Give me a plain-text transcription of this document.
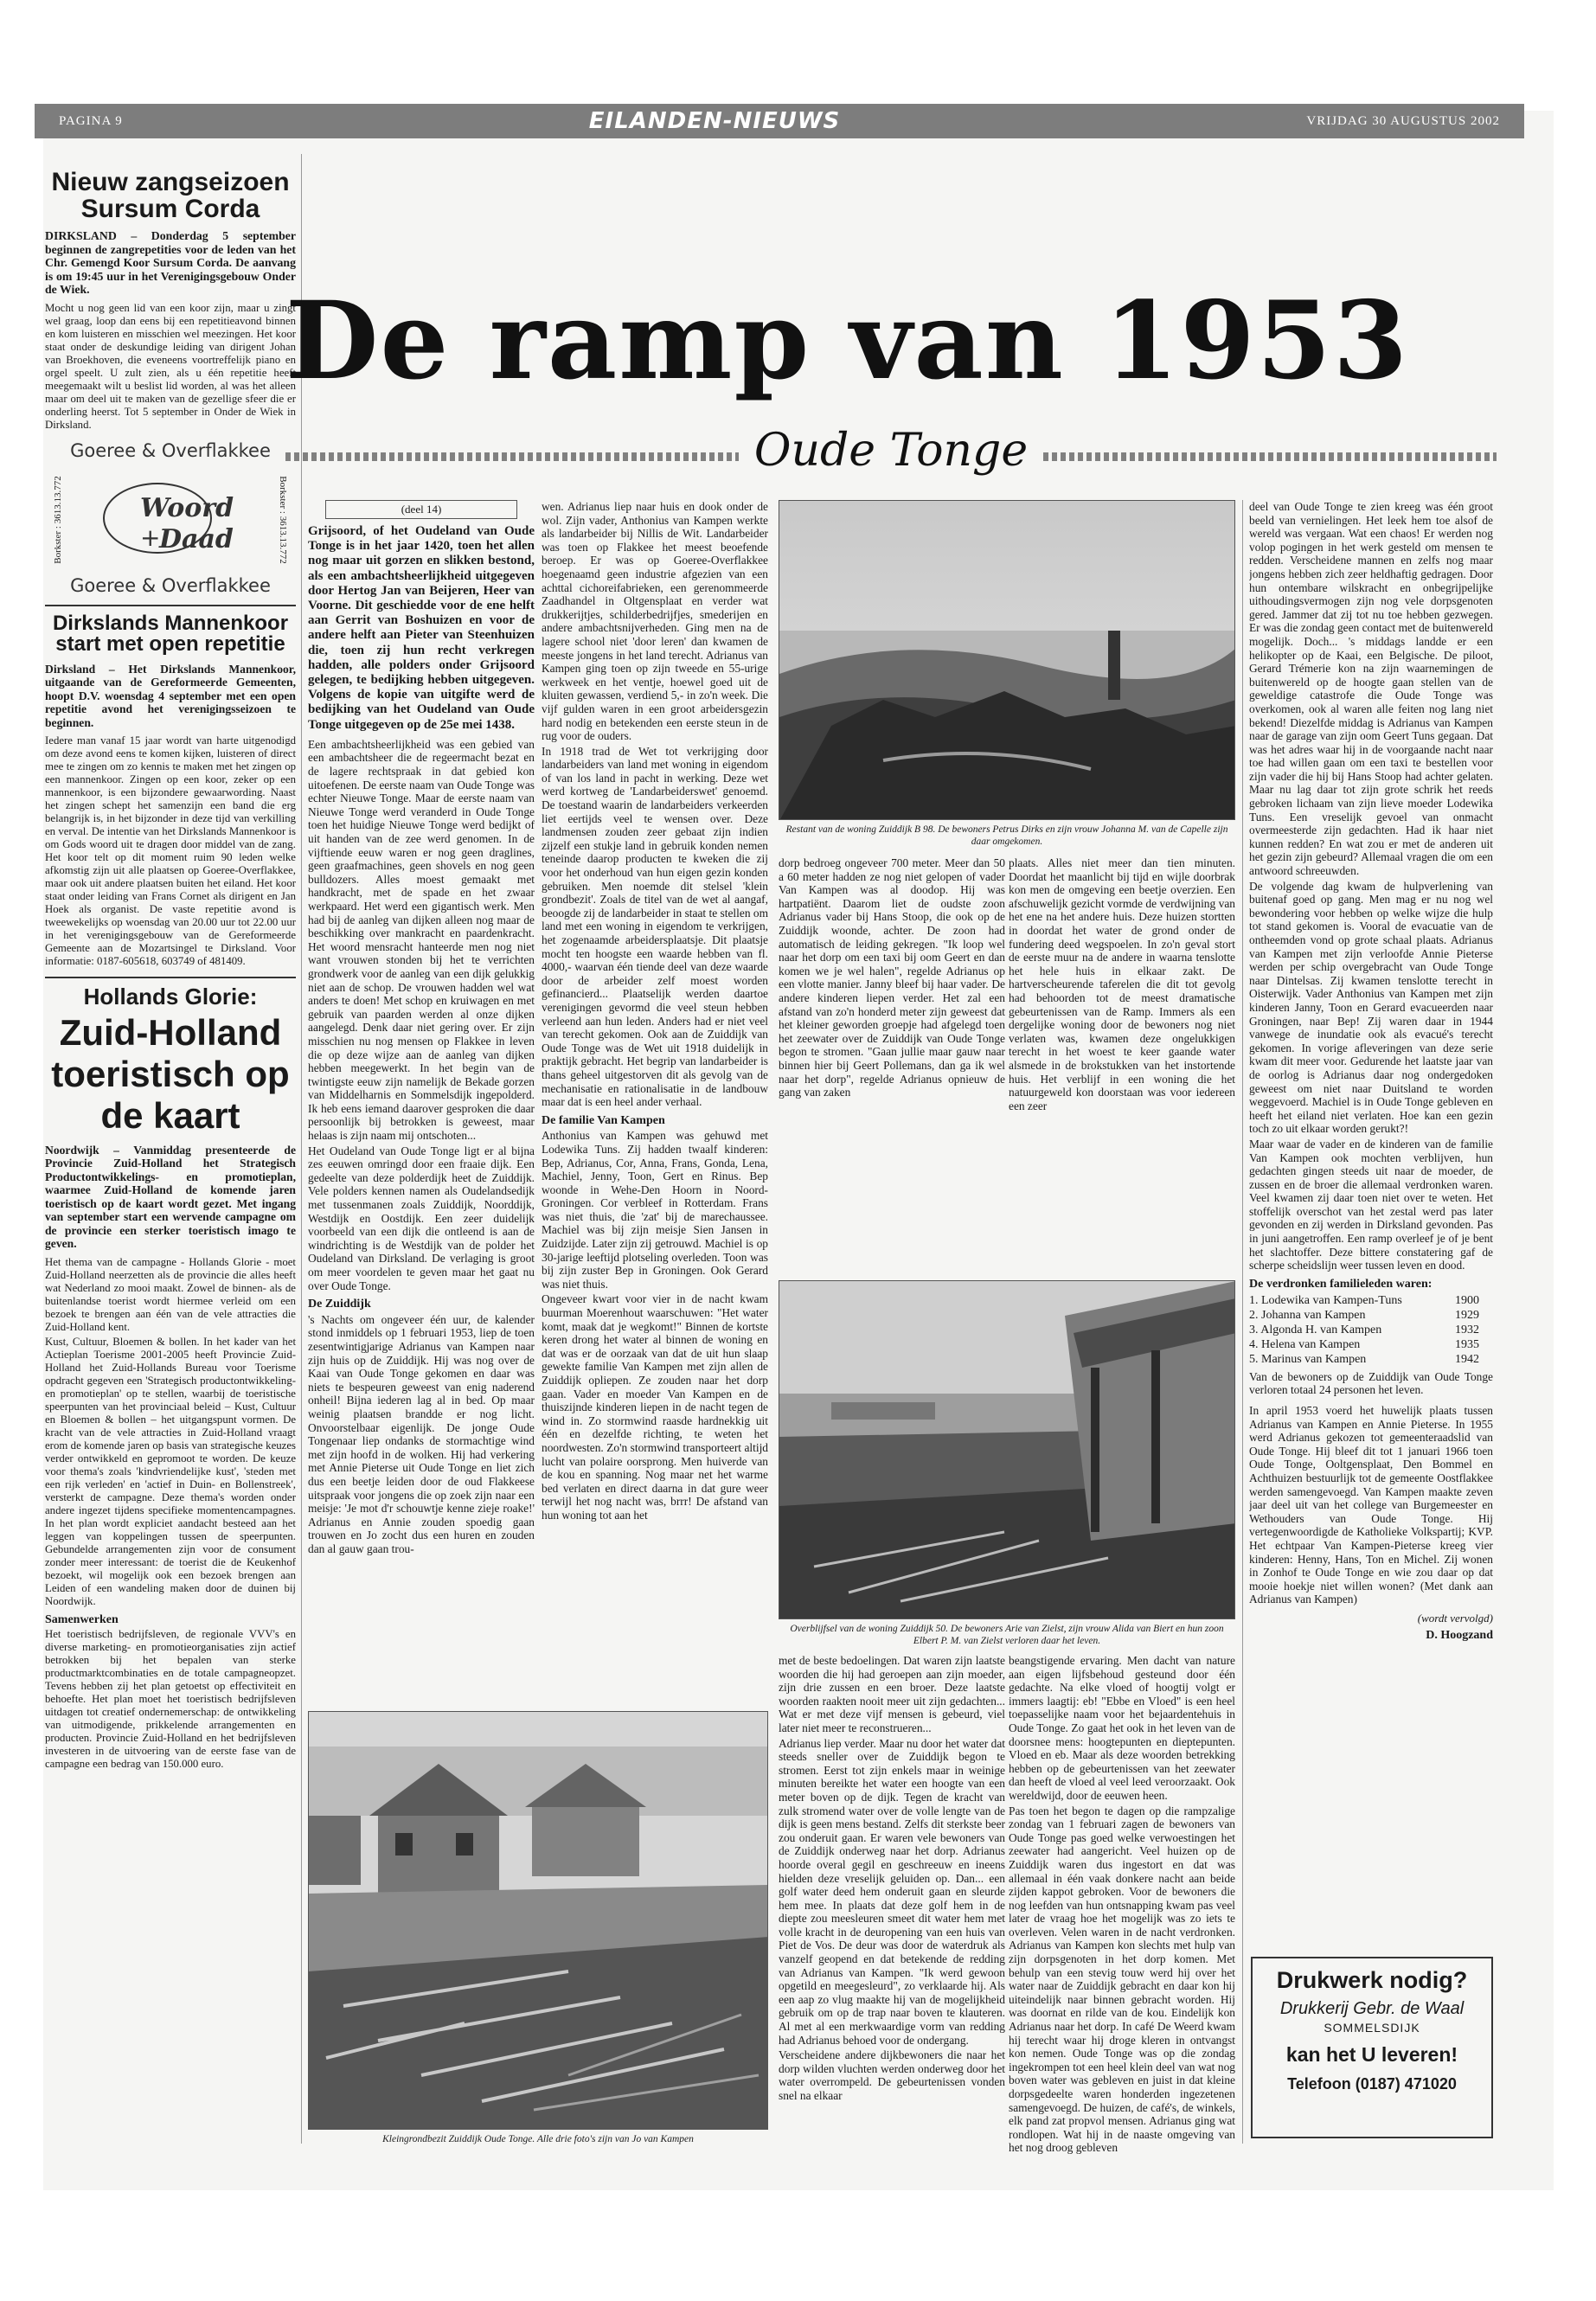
PAGINA 9	EILANDEN-NIEUWS	VRIJDAG 30 AUGUSTUS 2002
Nieuw zangseizoen Sursum Corda
DIRKSLAND – Donderdag 5 september beginnen de zangrepetities voor de leden van het Chr. Gemengd Koor Sursum Corda. De aanvang is om 19:45 uur in het Verenigingsgebouw Onder de Wiek.
Mocht u nog geen lid van een koor zijn, maar u zingt wel graag, loop dan eens bij een repetitieavond binnen en kom luisteren en misschien wel meezingen. Het koor staat onder de deskundige leiding van dirigent Johan van Broekhoven, die eveneens voortreffelijk piano en orgel speelt. U zult zien, als u één repetitie heeft meegemaakt wilt u beslist lid worden, al was het alleen maar om deel uit te maken van de gezellige sfeer die er onderling heerst. Tot 5 september in Onder de Wiek in Dirksland.
Goeree & Overflakkee
Woord
Daad
+
Borkster : 3613.13.772	Borkster : 3613.13.772
Goeree & Overflakkee
Dirkslands Mannenkoor start met open repetitie
Dirksland – Het Dirkslands Mannenkoor, uitgaande van de Gereformeerde Gemeenten, hoopt D.V. woensdag 4 september met een open repetitie avond het verenigingsseizoen te beginnen.
Iedere man vanaf 15 jaar wordt van harte uitgenodigd om deze avond eens te komen kijken, luisteren of direct mee te zingen om zo kennis te maken met het zingen op een mannenkoor. Zingen op een koor, zeker op een mannenkoor, is een bijzondere gewaarwording. Naast het zingen schept het samenzijn een band die erg belangrijk is, in het bijzonder in deze tijd van verkilling en verval. De intentie van het Dirkslands Mannenkoor is om Gods woord uit te dragen door middel van de zang. Het koor telt op dit moment ruim 90 leden welke afkomstig zijn uit alle plaatsen op Goeree-Overflakkee, maar ook uit andere plaatsen buiten het eiland. Het koor staat onder leiding van Frans Cornet als dirigent en Jan Hoek als organist. De vaste repetitie avond is tweewekelijks op woensdag van 20.00 uur tot 22.00 uur in het verenigingsgebouw van de Gereformeerde Gemeente aan de Mozartsingel te Dirksland. Voor informatie: 0187-605618, 603749 of 481409.
Hollands Glorie:
Zuid-Holland toeristisch op de kaart
Noordwijk – Vanmiddag presenteerde de Provincie Zuid-Holland het Strategisch Productontwikkelings- en promotieplan, waarmee Zuid-Holland de komende jaren toeristisch op de kaart wordt gezet. Met ingang van september start een wervende campagne om de provincie een sterker toeristisch imago te geven.

Het thema van de campagne - Hollands Glorie - moet Zuid-Holland neerzetten als de provincie die alles heeft wat Nederland zo mooi maakt. Zowel de binnen- als de buitenlandse toerist wordt hiermee verleid om een bezoek te brengen aan één van de vele attracties die Zuid-Holland kent.

Kust, Cultuur, Bloemen & bollen. In het kader van het Actieplan Toerisme 2001-2005 heeft Provincie Zuid-Holland het Zuid-Hollands Bureau voor Toerisme opdracht gegeven een 'Strategisch productontwikkeling- en promotieplan' op te stellen, waarbij de toeristische speerpunten van het provinciaal beleid – Kust, Cultuur en Bloemen & bollen – het uitgangspunt vormen. De kracht van de vele attracties in Zuid-Holland vraagt erom de komende jaren op basis van strategische keuzes verder ontwikkeld en gepromoot te worden. De keuze voor thema's zoals 'kindvriendelijke kust', 'steden met een rijk verleden' en 'actief in Duin- en Bollenstreek', versterkt de campagne. Deze thema's worden onder andere ingezet tijdens specifieke momentencampagnes. In het plan wordt expliciet aandacht besteed aan het leggen van koppelingen tussen de speerpunten. Gebundelde arrangementen zijn voor de consument zonder meer interessant: de toerist die de Keukenhof bezoekt, wil mogelijk ook een bezoek brengen aan Leiden of een wandeling maken door de duinen bij Noordwijk.

Samenwerken

Het toeristisch bedrijfsleven, de regionale VVV's en diverse marketing- en promotieorganisaties zijn actief betrokken bij het bepalen van sterke productmarktcombinaties en de totale campagneopzet. Tevens hebben zij het plan getoetst op effectiviteit en behoefte. Het plan moet het toeristisch bedrijfsleven uitdagen tot creatief ondernemerschap: de ontwikkeling van uitmodigende, prikkelende arrangementen en producten. Provincie Zuid-Holland en het bedrijfsleven investeren in de uitvoering van de eerste fase van de campagne een bedrag van 150.000 euro.

De ramp van 1953
Oude Tonge
(deel 14)
Grijsoord, of het Oudeland van Oude Tonge is in het jaar 1420, toen het allen nog maar uit gorzen en slikken bestond, als een ambachtsheerlijkheid uitgegeven door Hertog Jan van Beijeren, Heer van Voorne. Dit geschiedde voor de ene helft aan Gerrit van Boshuizen en voor de andere helft aan Pieter van Steenhuizen die, toen zij hun recht verkregen hadden, alle polders onder Grijsoord gelegen, te bedijking hebben uitgegeven. Volgens de kopie van uitgifte werd de bedijking van het Oudeland van Oude Tonge uitgegeven op de 25e mei 1438.

Een ambachtsheerlijkheid was een gebied van een ambachtsheer die de regeermacht bezat en de lagere rechtspraak in dat gebied kon uitoefenen. De eerste naam van Oude Tonge was echter Nieuwe Tonge. Maar de eerste naam van Nieuwe Tonge werd veranderd in Oude Tonge toen het huidige Nieuwe Tonge werd bedijkt of uit handen van de zee werd genomen. In de vijftiende eeuw waren er nog geen draglines, geen graafmachines, geen shovels en nog geen bulldozers. Alles moest gemaakt met handkracht, met de spade en het zwaar werkpaard. Het werd een gigantisch werk. Men had bij de aanleg van dijken alleen nog maar de beschikking over mankracht en paardenkracht. Het woord mensracht hanteerde men nog niet want vrouwen stonden bij het te verrichten grondwerk voor de aanleg van een dijk gelukkig niet aan de schop. De vrouwen hadden wel wat anders te doen! Met schop en kruiwagen en met gebruik van paarden werden al onze dijken aangelegd. Denk daar niet gering over. Er zijn misschien nu nog mensen op Flakkee in leven die op deze wijze aan de aanleg van dijken hebben meegewerkt. In het begin van de twintigste eeuw zijn namelijk de Bekade gorzen van Middelharnis en Sommelsdijk ingepolderd. Ik heb eens iemand daarover gesproken die daar persoonlijk bij betrokken is geweest, maar helaas is zijn naam mij ontschoten...

Het Oudeland van Oude Tonge ligt er al bijna zes eeuwen omringd door een fraaie dijk. Een gedeelte van deze polderdijk heet de Zuiddijk. Vele polders kennen namen als Oudelandsedijk met tussenmanen zoals Zuiddijk, Noorddijk, Westdijk en Oostdijk. Een zeer duidelijk voorbeeld van een dijk die ontleend is aan de windrichting is de Westdijk van de polder het Oudeland van Dirksland. De verlaging is groot om meer voordelen te geven maar het gaat nu over Oude Tonge.

De Zuiddijk

's Nachts om ongeveer één uur, de kalender stond inmiddels op 1 februari 1953, liep de toen zesentwintigjarige Adrianus van Kampen naar zijn huis op de Zuiddijk. Hij was nog over de Kaai van Oude Tonge gekomen en daar was niets te bespeuren geweest van enig naderend onheil! Bijna iederen lag al in bed. Op maar weinig plaatsen brandde er nog licht. Onvoorstelbaar eigenlijk. De jonge Oude Tongenaar liep ondanks de stormachtige wind met zijn hoofd in de wolken. Hij had verkering met Annie Pieterse uit Oude Tonge en liet zich dus een beetje leiden door de oud Flakkeese uitspraak voor jongens die op zoek zijn naar een meisje: 'Je mot d'r schouwtje kenne zieje roake!' Adrianus en Annie zouden spoedig gaan trouwen en Jo zocht dus een huren en zouden dan al gauw gaan trou-

wen. Adrianus liep naar huis en dook onder de wol. Zijn vader, Anthonius van Kampen werkte als landarbeider bij Nillis de Wit. Landarbeider was toen op Flakkee het meest beoefende beroep. Er was op Goeree-Overflakkee hoegenaamd geen industrie afgezien van een achttal cichoreifabrieken, een gerenommeerde Zaadhandel in Oltgensplaat en verder wat drukkerijtjes, schilderbedrijfjes, smederijen en andere ambachtsnijverheden. Ging men na de lagere school niet 'door leren' dan kwamen de meeste jongens in het land terecht. Adrianus van Kampen ging toen op zijn tweede en 55-urige werkweek en het ventje, hoewel goed uit de kluiten gewassen, verdiend 5,- in zo'n week. Die vijf gulden waren in een groot arbeidersgezin hard nodig en betekenden een eerste steun in de rug voor de ouders.

In 1918 trad de Wet tot verkrijging door landarbeiders van land met woning in eigendom of van los land in pacht in werking. Deze wet werd kortweg de 'Landarbeiderswet' genoemd. De toestand waarin de landarbeiders verkeerden liet eertijds veel te wensen over. Deze landmensen zouden zeer gebaat zijn indien zijzelf een stukje land in gebruik konden nemen teneinde daarop producten te kweken die zij voor het onderhoud van hun eigen gezin konden gebruiken. Men noemde dit stelsel 'klein grondbezit'. Zoals de titel van de wet al aangaf, beoogde zij de landarbeider in staat te stellen om land met een woning in eigendom te verkrijgen, het zogenaamde arbeidersplaatsje. Dit plaatsje mocht ten hoogste een waarde hebben van fl. 4000,- waarvan één tiende deel van deze waarde door de arbeider zelf moest worden gefinancierd... Plaatselijk werden daartoe verenigingen gevormd die veel steun hebben verleend aan hun leden. Anders had er niet veel van terecht gekomen. Ook aan de Zuiddijk van Oude Tonge was de Wet uit 1918 duidelijk in praktijk gebracht. Het begrip van landarbeider is thans geheel uitgestorven dit als gevolg van de mechanisatie en rationalisatie in de landbouw maar dat is een heel ander verhaal.

De familie Van Kampen

Anthonius van Kampen was gehuwd met Lodewika Tuns. Zij hadden twaalf kinderen: Bep, Adrianus, Cor, Anna, Frans, Gonda, Lena, Machiel, Jenny, Toon, Gert en Rinus. Bep woonde in Wehe-Den Hoorn in Noord-Groningen. Cor verbleef in Rotterdam. Frans was niet thuis, die 'zat' bij de marechaussee. Machiel was bij zijn meisje Sien Jansen in Zuidzijde. Later zijn zij getrouwd. Machiel is op 30-jarige leeftijd plotseling overleden. Toon was bij zijn zuster Bep in Groningen. Ook Gerard was niet thuis.

Ongeveer kwart voor vier in de nacht kwam buurman Moerenhout waarschuwen: "Het water komt, maak dat je wegkomt!" Binnen de kortste keren drong het water al binnen de woning en dat was er de oorzaak van dat de uit hun slaap gewekte familie Van Kampen met zijn allen de Zuiddijk opliepen. Ze zouden naar het dorp gaan. Vader en moeder Van Kampen en de thuiszijnde kinderen liepen in de nacht tegen de wind in. Zo stormwind raasde hardnekkig uit één en dezelfde richting, te weten het noordwesten. Zo'n stormwind transporteert altijd lucht van polaire oorsprong. Men huiverde van de kou en spanning. Nog maar net het warme bed verlaten en direct daarna in dat gure weer terwijl het nog nacht was, brrr! De afstand van hun woning tot aan het

Restant van de woning Zuiddijk B 98. De bewoners Petrus Dirks en zijn vrouw Johanna M. van de Capelle zijn daar omgekomen.

dorp bedroeg ongeveer 700 meter. Meer dan 50 a 60 meter hadden ze nog niet gelopen of vader Van Kampen was al doodop. Hij was hartpatiënt. Daarom liet de oudste zoon Adrianus vader bij Hans Stoop, die ook op de Zuiddijk woonde, achter. De zoon had automatisch de leiding gekregen. "Ik loop wel naar het dorp om een taxi bij oom Geert en dan komen we je wel halen", regelde Adrianus op een vlotte manier. Janny bleef bij haar vader. De andere kinderen liepen verder. Het zal een afstand van zo'n honderd meter zijn geweest dat het kleiner geworden groepje had afgelegd toen het zeewater over de Zuiddijk van Oude Tonge begon te stromen. "Gaan jullie maar gauw naar binnen hier bij Geert Pollemans, dan ga ik wel naar het dorp", regelde Adrianus opnieuw de gang van zaken

plaats. Alles niet meer dan tien minuten. Doordat het maanlicht bij tijd en wijle doorbrak kon men de omgeving een beetje overzien. Een afschuwelijk gezicht vormde de verdwijning van het ene na het andere huis. Deze huizen stortten in doordat het water de grond onder de fundering deed wegspoelen. In zo'n geval stort de eerste muur na de andere in waarna tenslotte het hele huis in elkaar zakt. De hartverscheurende taferelen die dit tot gevolg had behoorden tot de meest dramatische gebeurtenissen van de Ramp. Immers als een dergelijke woning door de bewoners nog niet verlaten was, kwamen deze ongelukkigen terecht in het woest te keer gaande water alsmede in de brokstukken van het instortende huis. Het verblijf in een woning die het natuurgeweld kon doorstaan was voor iedereen een zeer

Overblijfsel van de woning Zuiddijk 50. De bewoners Arie van Zielst, zijn vrouw Alida van Biert en hun zoon Elbert P. M. van Zielst verloren daar het leven.

met de beste bedoelingen. Dat waren zijn laatste woorden die hij had geroepen aan zijn moeder, zijn drie zussen en een broer. Deze laatste woorden raakten nooit meer uit zijn gedachten... Wat er met deze vijf mensen is gebeurd, viel later niet meer te reconstrueren...

Adrianus liep verder. Maar nu door het water dat steeds sneller over de Zuiddijk begon te stromen. Eerst tot zijn enkels maar in weinige minuten bereikte het water een hoogte van een meter boven op de dijk. Tegen de kracht van zulk stromend water over de volle lengte van de dijk is geen mens bestand. Zelfs dit sterkste beer zou onderuit gaan. Er waren vele bewoners van de Zuiddijk onderweg naar het dorp. Adrianus hoorde overal gegil en geschreeuw en ineens hielden deze vreselijk geluiden op. Dan... een golf water deed hem onderuit gaan en sleurde hem mee. In plaats dat deze golf hem in de diepte zou meesleuren smeet dit water hem met volle kracht in de deuropening van een huis van Piet de Vos. De deur was door de waterdruk als vanzelf geopend en dat betekende de redding van Adrianus van Kampen. "Ik werd gewoon opgetild en meegesleurd", zo verklaarde hij. Als een aap zo vlug maakte hij van de mogelijkheid gebruik om op de trap naar boven te klauteren. Al met al een merkwaardige vorm van redding had Adrianus behoed voor de ondergang.

Verscheidene andere dijkbewoners die naar het dorp wilden vluchten werden onderweg door het water overrompeld. De gebeurtenissen vonden snel na elkaar

beangstigende ervaring. Men dacht van nature aan eigen lijfsbehoud gesteund door één gedachte. Na elke vloed of hoogtij volgt er immers laagtij: eb! "Ebbe en Vloed" is een heel toepasselijke naam voor het bejaardentehuis in Oude Tonge. Zo gaat het ook in het leven van de doorsnee mens: hoogtepunten en dieptepunten. Vloed en eb. Maar als deze woorden betrekking hebben op de gebeurtenissen van het zeewater dan heeft de vloed al veel leed veroorzaakt. Ook wereldwijd, door de eeuwen heen.

Pas toen het begon te dagen op die rampzalige zondag van 1 februari zagen de bewoners van Oude Tonge pas goed welke verwoestingen het zeewater had aangericht. Veel huizen op de Zuiddijk waren dus ingestort en dat was allemaal in één vaak donkere nacht aan beide zijden kappot gebroken. Voor de bewoners die nog leefden van hun ontsnapping kwam pas veel later de vraag hoe het mogelijk was zo iets te overleven. Velen waren in de nacht verdronken. Adrianus van Kampen kon slechts met hulp van zijn dorpsgenoten in het dorp komen. Met behulp van een stevig touw werd hij over het water naar de Zuiddijk gebracht en daar kon hij uiteindelijk naar binnen gebracht worden. Hij was doornat en rilde van de kou. Eindelijk kon Adrianus naar het dorp. In café De Weerd kwam hij terecht waar hij droge kleren in ontvangst kon nemen. Oude Tonge was op die zondag ingekrompen tot een heel klein deel van wat nog boven water was gebleven en juist in dat kleine dorpsgedeelte waren honderden ingezetenen samengevoegd. De huizen, de café's, de winkels, elk pand zat propvol mensen. Adrianus ging wat rondlopen. Wat hij in de naaste omgeving van het nog droog gebleven

Kleingrondbezit Zuiddijk Oude Tonge. Alle drie foto's zijn van Jo van Kampen

deel van Oude Tonge te zien kreeg was één groot beeld van vernielingen. Het leek hem toe alsof de wereld was vergaan. Wat een chaos! Er werden nog volop pogingen in het werk gesteld om mensen te redden. Verscheidene mannen en zelfs nog maar jongens hebben zich zeer heldhaftig gedragen. Door hun ontembare wilskracht en onbegrijpelijke uithoudingsvermogen zijn nog vele dorpsgenoten gered. Jammer dat zij tot nu toe hebben gezwegen. Er was die zondag geen contact met de buitenwereld mogelijk. Doch... 's middags landde er een helikopter op de Kaai, een Belgische. De piloot, Gerard Trémerie kon na zijn waarnemingen de buitenwereld op de hoogte gaan stellen van de geweldige catastrofe die Oude Tonge was overkomen, ook al waren alle feiten nog lang niet bekend! Diezelfde middag is Adrianus van Kampen naar de garage van zijn oom Geert Tuns gegaan. Dat was het adres waar hij in de voorgaande nacht naar toe had willen gaan om een taxi te bestellen voor zijn vader die hij bij Hans Stoop had achter gelaten. Maar nu lag daar tot zijn grote schrik het reeds gebroken lichaam van zijn lieve moeder Lodewika Tuns. Een vreselijk gevoel van onmacht overmeesterde zijn gedachten. Had ik haar niet kunnen redden? En wat zou er met de anderen uit het gezin zijn gebeurd? Allemaal vragen die om een antwoord schreeuwden.

De volgende dag kwam de hulpverlening van buitenaf goed op gang. Men mag er nu nog wel bewondering voor hebben op welke wijze die hulp tot stand gekomen is. Vooral de evacuatie van de ontheemden vond op grote schaal plaats. Adrianus van Kampen met zijn verloofde Annie Pieterse werden per schip overgebracht van Oude Tonge naar Dintelsas. Zij kwamen tenslotte terecht in Oisterwijk. Vader Anthonius van Kampen met zijn kinderen Janny, Toon en Gerard evacueerden naar Groningen, naar Bep! Zij waren daar in 1944 vanwege de inundatie ook als evacué's terecht gekomen. In vorige afleveringen van deze serie kwam dit meer voor. Gedurende het laatste jaar van de oorlog is Adrianus daar nog ondergedoken geweest om niet naar Duitsland te worden weggevoerd. Machiel is in Oude Tonge gebleven en heeft het eiland niet verlaten. Hoe kan een gezin toch zo uit elkaar worden gerukt?!

Maar waar de vader en de kinderen van de familie Van Kampen ook mochten verblijven, hun gedachten gingen steeds uit naar de moeder, de zussen en de broer die allemaal verdronken waren. Veel kwamen zij daar toen niet over te weten. Het stoffelijk overschot van het zestal werd pas later gevonden en zij werden in Dirksland gevonden. Pas in juni aangetroffen. Een ramp overleef je of je bent het slachtoffer. Deze bittere constatering gaf de scherpe scheidslijn weer tussen leven en dood.

De verdronken familieleden waren:
1. Lodewika van Kampen-Tuns	1900
2. Johanna van Kampen	1929
3. Algonda H. van Kampen	1932
4. Helena van Kampen	1935
5. Marinus van Kampen	1942

Van de bewoners op de Zuiddijk van Oude Tonge verloren totaal 24 personen het leven.

In april 1953 voerd het huwelijk plaats tussen Adrianus van Kampen en Annie Pieterse. In 1955 werd Adrianus gekozen tot gemeenteraadslid van Oude Tonge. Hij bleef dit tot 1 januari 1966 toen Oude Tonge, Ooltgensplaat, Den Bommel en Achthuizen bestuurlijk tot de gemeente Oostflakkee werden samengevoegd. Van Kampen maakte zeven jaar deel uit van het college van Burgemeester en Wethouders van Oude Tonge. Hij vertegenwoordigde de Katholieke Volkspartij; KVP. Het echtpaar Van Kampen-Pieterse kreeg vier kinderen: Henny, Hans, Ton en Michel. Zij wonen in Zonhof te Oude Tonge en wie zou daar op dat mooie hoekje niet willen wonen? (Met dank aan Adrianus van Kampen)

(wordt vervolgd)
D. Hoogzand
Drukwerk nodig?
Drukkerij Gebr. de Waal
SOMMELSDIJK
kan het U leveren!
Telefoon (0187) 471020
